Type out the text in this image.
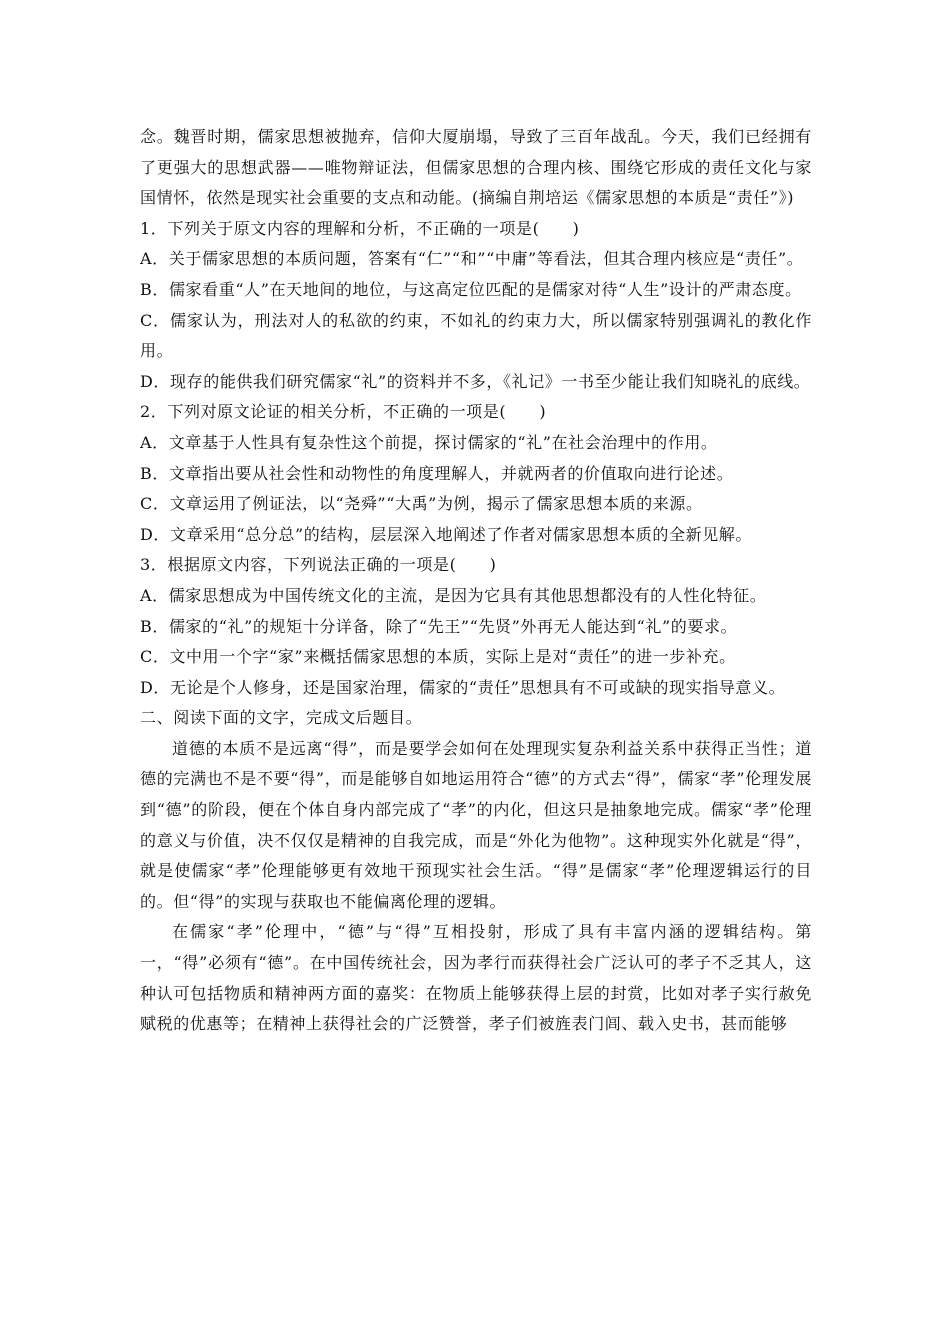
念。魏晋时期，儒家思想被抛弃，信仰大厦崩塌，导致了三百年战乱。今天，我们已经拥有了更强大的思想武器——唯物辩证法，但儒家思想的合理内核、围绕它形成的责任文化与家国情怀，依然是现实社会重要的支点和动能。(摘编自荆培运《儒家思想的本质是“责任”》)

1．下列关于原文内容的理解和分析，不正确的一项是(　　)

A．关于儒家思想的本质问题，答案有“仁”“和”“中庸”等看法，但其合理内核应是“责任”。

B．儒家看重“人”在天地间的地位，与这高定位匹配的是儒家对待“人生”设计的严肃态度。

C．儒家认为，刑法对人的私欲的约束，不如礼的约束力大，所以儒家特别强调礼的教化作用。

D．现存的能供我们研究儒家“礼”的资料并不多，《礼记》一书至少能让我们知晓礼的底线。

2．下列对原文论证的相关分析，不正确的一项是(　　)

A．文章基于人性具有复杂性这个前提，探讨儒家的“礼”在社会治理中的作用。

B．文章指出要从社会性和动物性的角度理解人，并就两者的价值取向进行论述。

C．文章运用了例证法，以“尧舜”“大禹”为例，揭示了儒家思想本质的来源。

D．文章采用“总分总”的结构，层层深入地阐述了作者对儒家思想本质的全新见解。

3．根据原文内容，下列说法正确的一项是(　　)

A．儒家思想成为中国传统文化的主流，是因为它具有其他思想都没有的人性化特征。

B．儒家的“礼”的规矩十分详备，除了“先王”“先贤”外再无人能达到“礼”的要求。

C．文中用一个字“家”来概括儒家思想的本质，实际上是对“责任”的进一步补充。

D．无论是个人修身，还是国家治理，儒家的“责任”思想具有不可或缺的现实指导意义。

二、阅读下面的文字，完成文后题目。

道德的本质不是远离“得”，而是要学会如何在处理现实复杂利益关系中获得正当性；道德的完满也不是不要“得”，而是能够自如地运用符合“德”的方式去“得”，儒家“孝”伦理发展到“德”的阶段，便在个体自身内部完成了“孝”的内化，但这只是抽象地完成。儒家“孝”伦理的意义与价值，决不仅仅是精神的自我完成，而是“外化为他物”。这种现实外化就是“得”，就是使儒家“孝”伦理能够更有效地干预现实社会生活。“得”是儒家“孝”伦理逻辑运行的目的。但“得”的实现与获取也不能偏离伦理的逻辑。

在儒家“孝”伦理中，“德”与“得”互相投射，形成了具有丰富内涵的逻辑结构。第一，“得”必须有“德”。在中国传统社会，因为孝行而获得社会广泛认可的孝子不乏其人，这种认可包括物质和精神两方面的嘉奖：在物质上能够获得上层的封赏，比如对孝子实行赦免赋税的优惠等；在精神上获得社会的广泛赞誉，孝子们被旌表门闾、载入史书，甚而能够
